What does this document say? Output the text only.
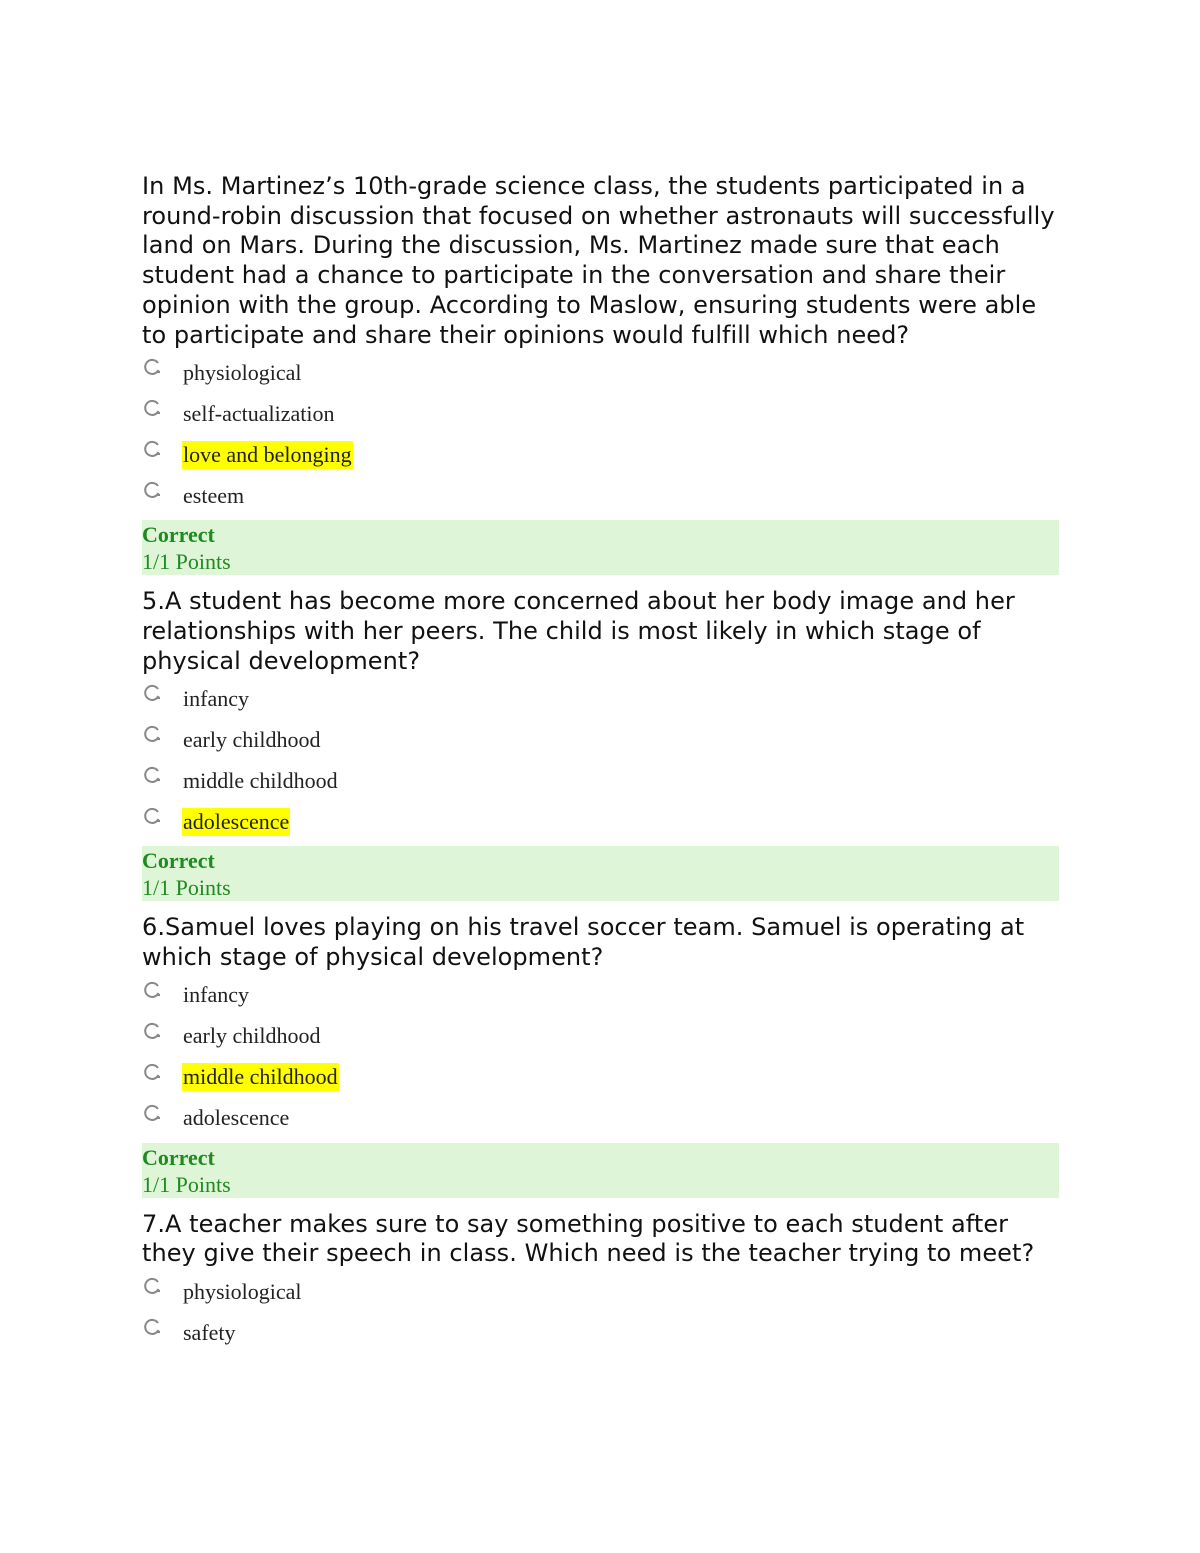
In Ms. Martinez’s 10th-grade science class, the students participated in a round-robin discussion that focused on whether astronauts will successfully land on Mars. During the discussion, Ms. Martinez made sure that each student had a chance to participate in the conversation and share their opinion with the group. According to Maslow, ensuring students were able to participate and share their opinions would fulfill which need?

physiological
self-actualization
love and belonging
esteem
Correct
1/1 Points

5.A student has become more concerned about her body image and her relationships with her peers. The child is most likely in which stage of physical development?

infancy
early childhood
middle childhood
adolescence
Correct
1/1 Points

6.Samuel loves playing on his travel soccer team. Samuel is operating at which stage of physical development?

infancy
early childhood
middle childhood
adolescence
Correct
1/1 Points

7.A teacher makes sure to say something positive to each student after they give their speech in class. Which need is the teacher trying to meet?

physiological
safety
